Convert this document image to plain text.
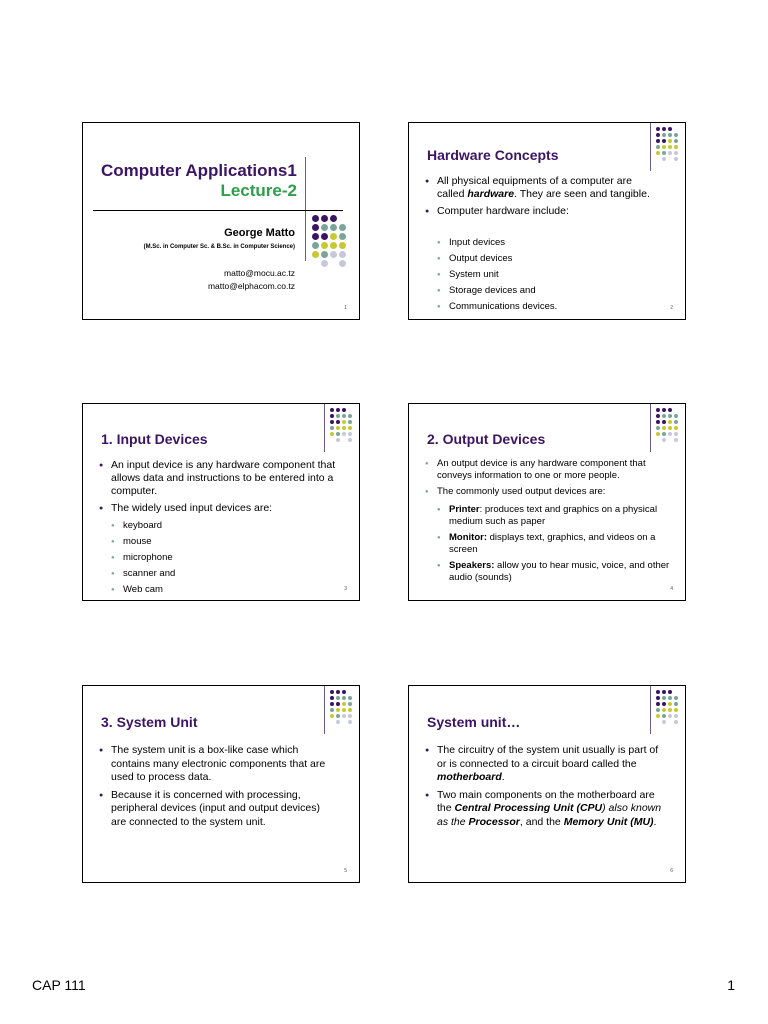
Computer Applications1
Lecture-2
George Matto
(M.Sc. in Computer Sc. & B.Sc. in Computer Science)
matto@mocu.ac.tz
matto@elphacom.co.tz
1
Hardware Concepts
● All physical equipments of a computer are called hardware. They are seen and tangible.
● Computer hardware include:
● Input devices
● Output devices
● System unit
● Storage devices and
● Communications devices.	2
1. Input Devices
● An input device is any hardware component that allows data and instructions to be entered into a computer.
● The widely used input devices are:
● keyboard
● mouse
● microphone
● scanner and
● Web cam	3
2. Output Devices
● An output device is any hardware component that conveys information to one or more people.
● The commonly used output devices are:
● Printer: produces text and graphics on a physical medium such as paper
● Monitor: displays text, graphics, and videos on a screen
● Speakers: allow you to hear music, voice, and other audio (sounds)
4
3. System Unit
● The system unit is a box-like case which contains many electronic components that are used to process data.
● Because it is concerned with processing, peripheral devices (input and output devices) are connected to the system unit.
5
System unit…
● The circuitry of the system unit usually is part of or is connected to a circuit board called the motherboard.
● Two main components on the motherboard are the Central Processing Unit (CPU) also known as the Processor, and the Memory Unit (MU).
6
CAP 111	1
